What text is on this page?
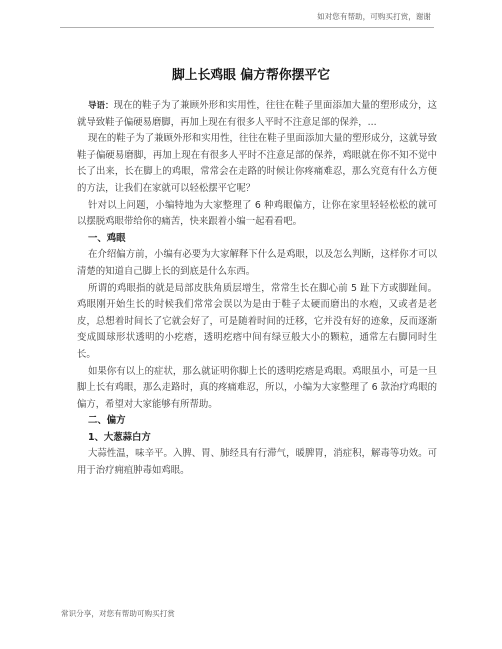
如对您有帮助，可购买打赏，谢谢
脚上长鸡眼 偏方帮你摆平它

导语：现在的鞋子为了兼顾外形和实用性，往往在鞋子里面添加大量的塑形成分，这就导致鞋子偏硬易磨脚，再加上现在有很多人平时不注意足部的保养，...

现在的鞋子为了兼顾外形和实用性，往往在鞋子里面添加大量的塑形成分，这就导致鞋子偏硬易磨脚，再加上现在有很多人平时不注意足部的保养，鸡眼就在你不知不觉中长了出来，长在脚上的鸡眼，常常会在走路的时候让你疼痛难忍，那么究竟有什么方便的方法，让我们在家就可以轻松摆平它呢？

针对以上问题，小编特地为大家整理了 6 种鸡眼偏方，让你在家里轻轻松松的就可以摆脱鸡眼带给你的痛苦，快来跟着小编一起看看吧。

一、鸡眼

在介绍偏方前，小编有必要为大家解释下什么是鸡眼，以及怎么判断，这样你才可以清楚的知道自己脚上长的到底是什么东西。

所谓的鸡眼指的就是局部皮肤角质层增生，常常生长在脚心前 5 趾下方或脚趾间。鸡眼刚开始生长的时候我们常常会误以为是由于鞋子太硬而磨出的水疱，又或者是老皮，总想着时间长了它就会好了，可是随着时间的迁移，它并没有好的迹象，反而逐渐变成圆球形状透明的小疙瘩，透明疙瘩中间有绿豆般大小的颗粒，通常左右脚同时生长。

如果你有以上的症状，那么就证明你脚上长的透明疙瘩是鸡眼。鸡眼虽小，可是一旦脚上长有鸡眼，那么走路时，真的疼痛难忍，所以，小编为大家整理了 6 款治疗鸡眼的偏方，希望对大家能够有所帮助。

二、偏方

1、大葱蒜白方

大蒜性温，味辛平。入脾、胃、肺经具有行滞气，暖脾胃，消症积，解毒等功效。可用于治疗痈疽肿毒如鸡眼。

常识分享，对您有帮助可购买打赏
